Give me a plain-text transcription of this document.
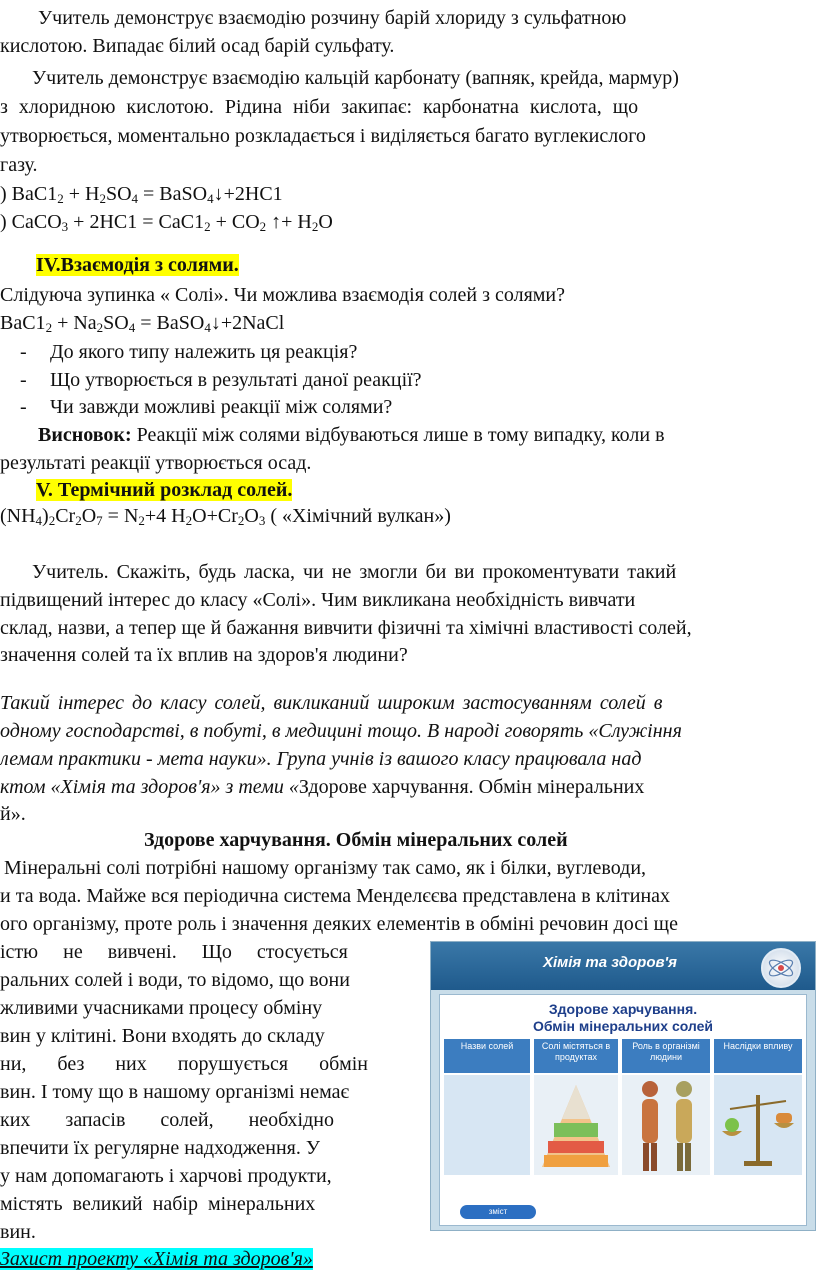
Учитель демонструє взаємодію розчину барій хлориду з сульфатною
кислотою. Випадає білий осад барій сульфату.
Учитель демонструє взаємодію кальцій карбонату (вапняк, крейда, мармур)
з хлоридною кислотою. Рідина ніби закипає: карбонатна кислота, що
утворюється, моментально розкладається і виділяється багато вуглекислого
газу.
) $BaC1_2 + H_2SO_4$ = BaSO$_4$↓+2HC1
) CaCO$_3$ + $2HC1 = CaC1_2 + CO_2$ ↑+ $H_2O$
IV.Взаємодія з солями.
Слідуюча зупинка « Солі». Чи можлива взаємодія солей з солями?
$BaC1_2 + Na_2SO_4$ = BaSO$_4$↓+2NaCl
- До якого типу належить ця реакція?
- Що утворюється в результаті даної реакції?
- Чи завжди можливі реакції між солями?
Висновок: Реакції між солями відбуваються лише в тому випадку, коли в
результаті реакції утворюється осад.
V. Термічний розклад солей.
$(NH_4)_2Cr_2O_7 = N_2+4$ $H_2O+Cr_2O_3$ ( «Хімічний вулкан»)
Учитель. Скажіть, будь ласка, чи не змогли би ви прокоментувати такий
підвищений інтерес до класу «Солі». Чим викликана необхідність вивчати
склад, назви, а тепер ще й бажання вивчити фізичні та хімічні властивості солей,
значення солей та їх вплив на здоров'я людини?
Такий інтерес до класу солей, викликаний широким застосуванням солей в
одному господарстві, в побуті, в медицині тощо. В народі говорять «Служіння
лемам практики - мета науки». Група учнів із вашого класу працювала над
ктом «Хімія та здоров'я» з теми «Здорове харчування. Обмін мінеральних
й».
Здорове харчування. Обмін мінеральних солей
Мінеральні солі потрібні нашому організму так само, як і білки, вуглеводи,
и та вода. Майже вся періодична система Менделєєва представлена в клітинах
ого організму, проте роль і значення деяких елементів в обміні речовин досі ще
істю не вивчені. Що стосується
ральних солей і води, то відомо, що вони
жливими учасниками процесу обміну
вин у клітині. Вони входять до складу
ни, без них порушується обмін
вин. І тому що в нашому організмі немає
ких запасів солей, необхідно
впечити їх регулярне надходження. У
у нам допомагають і харчові продукти,
містять великий набір мінеральних
вин.
Захист проекту «Хімія та здоров'я»
Хімія та здоров'я
Здорове харчування.
Обмін мінеральних солей
Назви солей	Солі містяться в продуктах
Роль в організмі людини
Наслідки впливу
зміст
